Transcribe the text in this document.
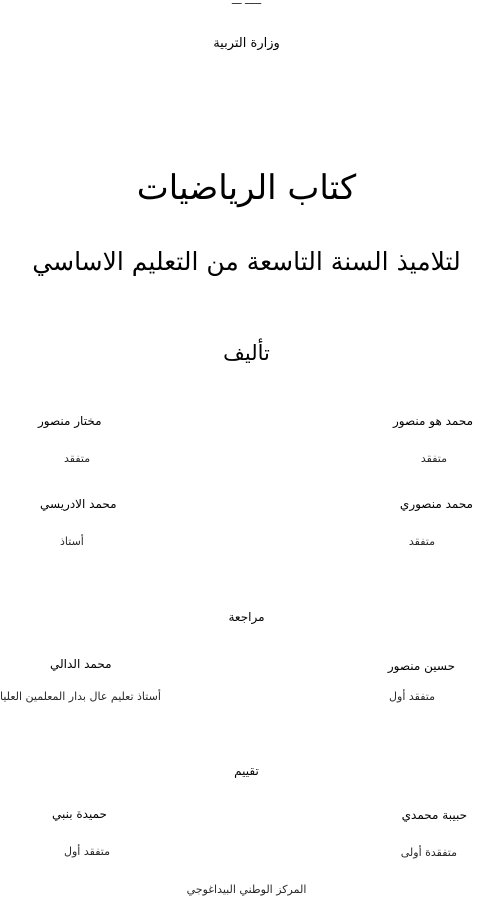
ـــــ ـــ
وزارة التربية
كتاب الرياضيات
لتلاميذ السنة التاسعة من التعليم الاساسي
تأليف
محمد هو منصور
متفقد
محمد منصوري
متفقد
مختار منصور
متفقد
محمد الادريسي
أستاذ
مراجعة
حسين منصور
متفقد أول
محمد الدالي
أستاذ تعليم عال بدار المعلمين العليا
تقييم
حبيبة محمدي
متفقدة أولى
حميدة بنبي
متفقد أول
المركز الوطني البيداغوجي
